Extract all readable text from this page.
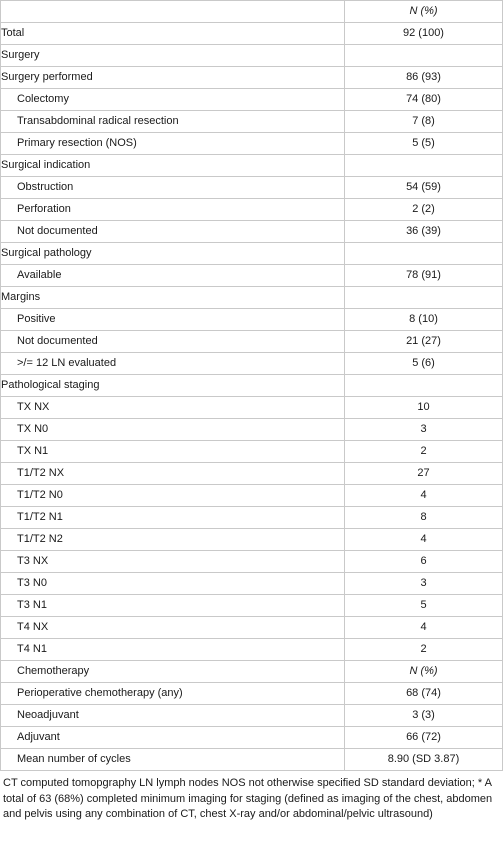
	N (%)
Total	92 (100)
Surgery	
Surgery performed	86 (93)
Colectomy	74 (80)
Transabdominal radical resection	7 (8)
Primary resection (NOS)	5 (5)
Surgical indication	
Obstruction	54 (59)
Perforation	2 (2)
Not documented	36 (39)
Surgical pathology	
Available	78 (91)
Margins	
Positive	8 (10)
Not documented	21 (27)
>/= 12 LN evaluated	5 (6)
Pathological staging	
TX NX	10
TX N0	3
TX N1	2
T1/T2 NX	27
T1/T2 N0	4
T1/T2 N1	8
T1/T2 N2	4
T3 NX	6
T3 N0	3
T3 N1	5
T4 NX	4
T4 N1	2
Chemotherapy	N (%)
Perioperative chemotherapy (any)	68 (74)
Neoadjuvant	3 (3)
Adjuvant	66 (72)
Mean number of cycles	8.90 (SD 3.87)
CT computed tomopgraphy LN lymph nodes NOS not otherwise specified SD standard deviation; * A total of 63 (68%) completed minimum imaging for staging (defined as imaging of the chest, abdomen and pelvis using any combination of CT, chest X-ray and/or abdominal/pelvic ultrasound)
